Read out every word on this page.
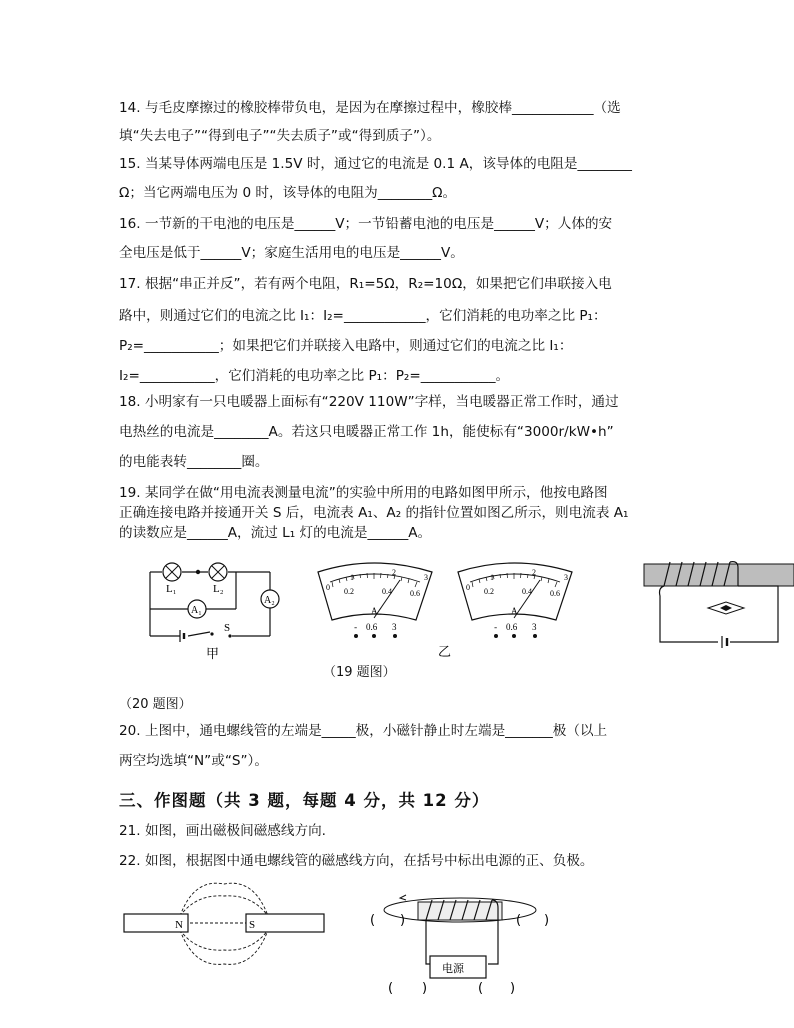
14. 与毛皮摩擦过的橡胶棒带负电，是因为在摩擦过程中，橡胶棒____________（选
填“失去电子”“得到电子”“失去质子”或“得到质子”）。
15. 当某导体两端电压是 1.5V 时，通过它的电流是 0.1 A，该导体的电阻是________
Ω；当它两端电压为 0 时，该导体的电阻为________Ω。
16. 一节新的干电池的电压是______V；一节铅蓄电池的电压是______V；人体的安
全电压是低于______V；家庭生活用电的电压是______V。
17. 根据“串正并反”，若有两个电阻，R₁=5Ω，R₂=10Ω，如果把它们串联接入电
路中，则通过它们的电流之比 I₁：I₂=____________，它们消耗的电功率之比 P₁：
P₂=___________；如果把它们并联接入电路中，则通过它们的电流之比 I₁：
I₂=___________，它们消耗的电功率之比 P₁：P₂=___________。
18. 小明家有一只电暖器上面标有“220V 110W”字样，当电暖器正常工作时，通过
电热丝的电流是________A。若这只电暖器正常工作 1h，能使标有“3000r/kW•h”
的电能表转________圈。
19. 某同学在做“用电流表测量电流”的实验中所用的电路如图甲所示，他按电路图
正确连接电路并接通开关 S 后，电流表 A₁、A₂ 的指针位置如图乙所示，则电流表 A₁
的读数应是______A，流过 L₁ 灯的电流是______A。
A₁
A₂
L₁	L₂
S
甲
1
2
3
0 0.2	0.4 0.6
A
- 0.6 3
1
2
3
0 0.2	0.4 0.6
A
- 0.6 3
乙
（19 题图）
（20 题图）
20. 上图中，通电螺线管的左端是_____极，小磁针静止时左端是_______极（以上
两空均选填“N”或“S”）。
三、作图题（共 3 题，每题 4 分，共 12 分）
21. 如图，画出磁极间磁感线方向.
22. 如图，根据图中通电螺线管的磁感线方向，在括号中标出电源的正、负极。
N	S
电源
( )	( )
( )	( )
